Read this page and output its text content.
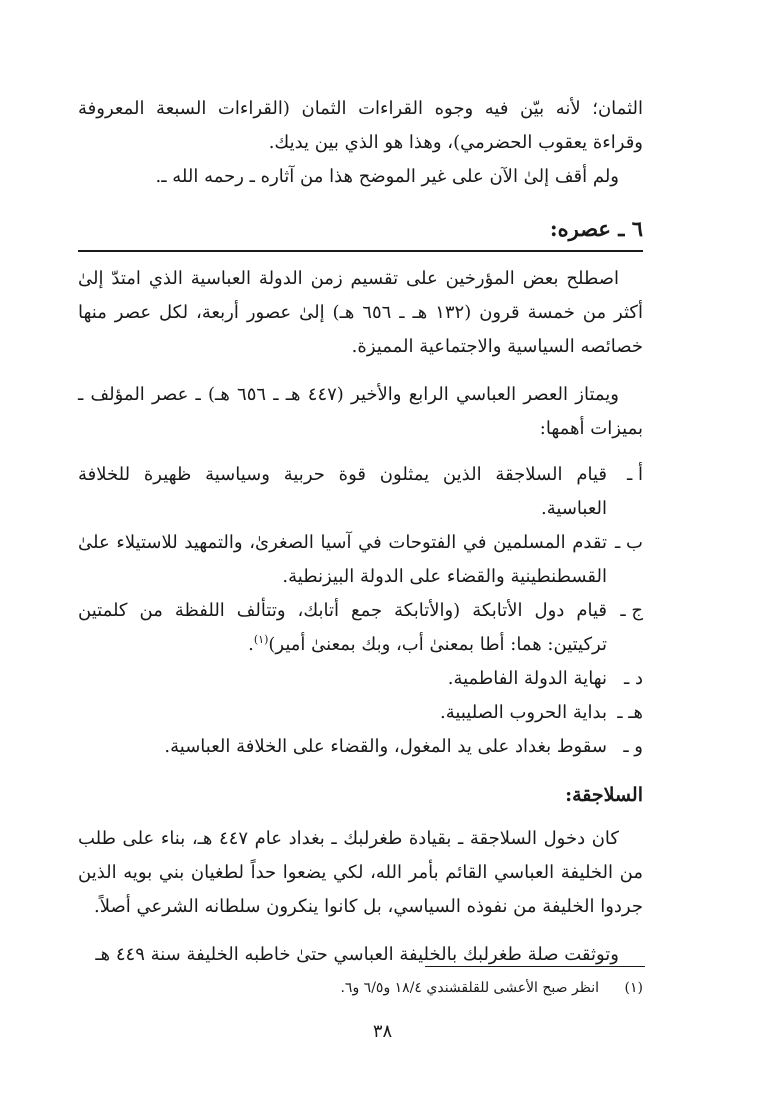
الثمان؛ لأنه بيّن فيه وجوه القراءات الثمان (القراءات السبعة المعروفة وقراءة يعقوب الحضرمي)، وهذا هو الذي بين يديك.

ولم أقف إلىٰ الآن على غير الموضح هذا من آثاره ـ رحمه الله ـ.

٦ ـ عصره:

اصطلح بعض المؤرخين على تقسيم زمن الدولة العباسية الذي امتدّ إلىٰ أكثر من خمسة قرون (١٣٢ هـ ـ ٦٥٦ هـ) إلىٰ عصور أربعة، لكل عصر منها خصائصه السياسية والاجتماعية المميزة.

ويمتاز العصر العباسي الرابع والأخير (٤٤٧ هـ ـ ٦٥٦ هـ) ـ عصر المؤلف ـ بميزات أهمها:

أ ـ
قيام السلاجقة الذين يمثلون قوة حربية وسياسية ظهيرة للخلافة العباسية.
ب ـ
تقدم المسلمين في الفتوحات في آسيا الصغرىٰ، والتمهيد للاستيلاء علىٰ القسطنطينية والقضاء على الدولة البيزنطية.
ج ـ
قيام دول الأتابكة (والأتابكة جمع أتابك، وتتألف اللفظة من كلمتين تركيتين: هما: أطا بمعنىٰ أب، وبك بمعنىٰ أمير)$^{(١)}$.
د ـ
نهاية الدولة الفاطمية.
هـ ـ
بداية الحروب الصليبية.
و ـ
سقوط بغداد على يد المغول، والقضاء على الخلافة العباسية.
السلاجقة:

كان دخول السلاجقة ـ بقيادة طغرلبك ـ بغداد عام ٤٤٧ هـ، بناء على طلب من الخليفة العباسي القائم بأمر الله، لكي يضعوا حداً لطغيان بني بويه الذين جردوا الخليفة من نفوذه السياسي، بل كانوا ينكرون سلطانه الشرعي أصلاً.

وتوثقت صلة طغرلبك بالخليفة العباسي حتىٰ خاطبه الخليفة سنة ٤٤٩ هـ

(١)
انظر صبح الأعشى للقلقشندي ١٨/٤ و٦/٥ و٦.
٣٨
